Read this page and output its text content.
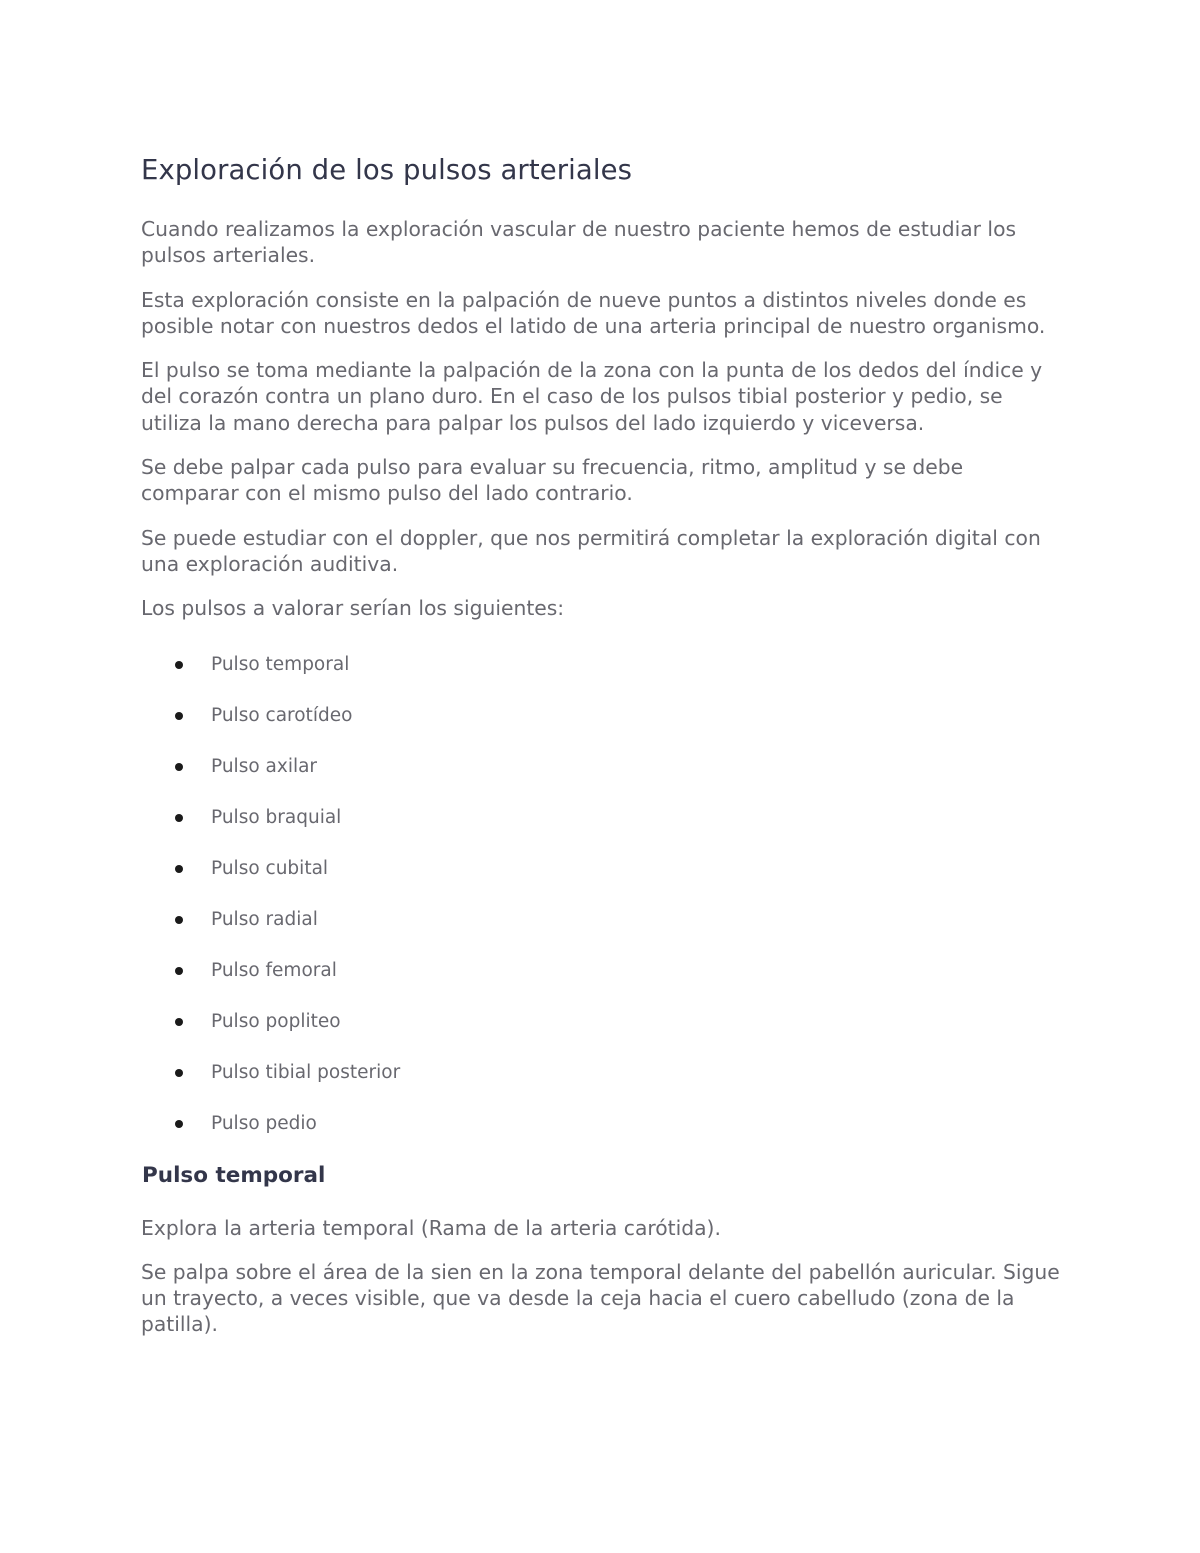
Exploración de los pulsos arteriales

Cuando realizamos la exploración vascular de nuestro paciente hemos de estudiar los pulsos arteriales.

Esta exploración consiste en la palpación de nueve puntos a distintos niveles donde es posible notar con nuestros dedos el latido de una arteria principal de nuestro organismo.

El pulso se toma mediante la palpación de la zona con la punta de los dedos del índice y del corazón contra un plano duro. En el caso de los pulsos tibial posterior y pedio, se utiliza la mano derecha para palpar los pulsos del lado izquierdo y viceversa.

Se debe palpar cada pulso para evaluar su frecuencia, ritmo, amplitud y se debe comparar con el mismo pulso del lado contrario.

Se puede estudiar con el doppler, que nos permitirá completar la exploración digital con una exploración auditiva.

Los pulsos a valorar serían los siguientes:

Pulso temporal
Pulso carotídeo
Pulso axilar
Pulso braquial
Pulso cubital
Pulso radial
Pulso femoral
Pulso popliteo
Pulso tibial posterior
Pulso pedio
Pulso temporal

Explora la arteria temporal (Rama de la arteria carótida).

Se palpa sobre el área de la sien en la zona temporal delante del pabellón auricular. Sigue un trayecto, a veces visible, que va desde la ceja hacia el cuero cabelludo (zona de la patilla).
